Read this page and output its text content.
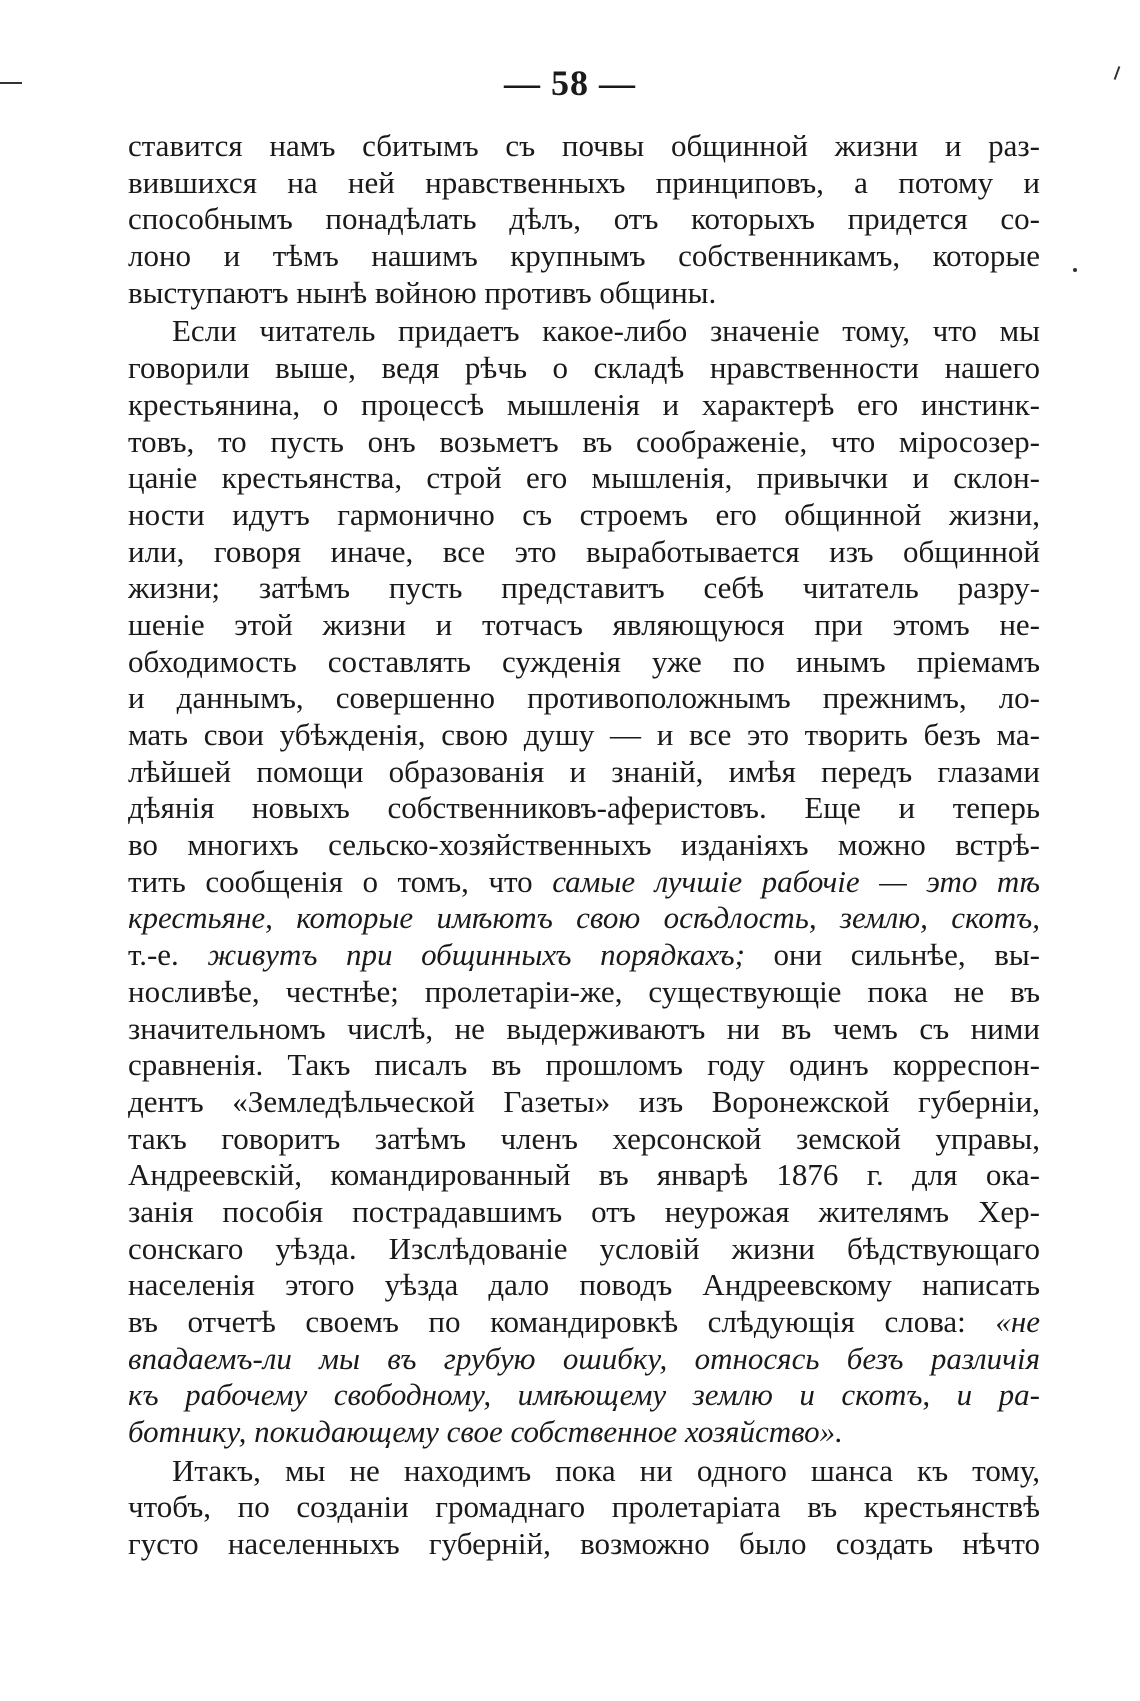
— 58 —
ставится намъ сбитымъ съ почвы общинной жизни и раз-
вившихся на ней нравственныхъ принциповъ, а потому и
способнымъ понадѣлать дѣлъ, отъ которыхъ придется со-
лоно и тѣмъ нашимъ крупнымъ собственникамъ, которые
выступаютъ нынѣ войною противъ общины.
Если читатель придаетъ какое-либо значеніе тому, что мы
говорили выше, ведя рѣчь о складѣ нравственности нашего
крестьянина, о процессѣ мышленія и характерѣ его инстинк-
товъ, то пусть онъ возьметъ въ соображеніе, что міросозер-
цаніе крестьянства, строй его мышленія, привычки и склон-
ности идутъ гармонично съ строемъ его общинной жизни,
или, говоря иначе, все это выработывается изъ общинной
жизни; затѣмъ пусть представитъ себѣ читатель разру-
шеніе этой жизни и тотчасъ являющуюся при этомъ не-
обходимость составлять сужденія уже по инымъ пріемамъ
и даннымъ, совершенно противоположнымъ прежнимъ, ло-
мать свои убѣжденія, свою душу — и все это творить безъ ма-
лѣйшей помощи образованія и знаній, имѣя передъ глазами
дѣянія новыхъ собственниковъ-аферистовъ. Еще и теперь
во многихъ сельско-хозяйственныхъ изданіяхъ можно встрѣ-
тить сообщенія о томъ, что самые лучшіе рабочіе — это тѣ
крестьяне, которые имѣютъ свою осѣдлость, землю, скотъ,
т.-е. живутъ при общинныхъ порядкахъ; они сильнѣе, вы-
носливѣе, честнѣе; пролетаріи-же, существующіе пока не въ
значительномъ числѣ, не выдерживаютъ ни въ чемъ съ ними
сравненія. Такъ писалъ въ прошломъ году одинъ корреспон-
дентъ «Земледѣльческой Газеты» изъ Воронежской губерніи,
такъ говоритъ затѣмъ членъ херсонской земской управы,
Андреевскій, командированный въ январѣ 1876 г. для ока-
занія пособія пострадавшимъ отъ неурожая жителямъ Хер-
сонскаго уѣзда. Изслѣдованіе условій жизни бѣдствующаго
населенія этого уѣзда дало поводъ Андреевскому написать
въ отчетѣ своемъ по командировкѣ слѣдующія слова: «не
впадаемъ-ли мы въ грубую ошибку, относясь безъ различія
къ рабочему свободному, имѣющему землю и скотъ, и ра-
ботнику, покидающему свое собственное хозяйство».
Итакъ, мы не находимъ пока ни одного шанса къ тому,
чтобъ, по созданіи громаднаго пролетаріата въ крестьянствѣ
густо населенныхъ губерній, возможно было создать нѣчто
